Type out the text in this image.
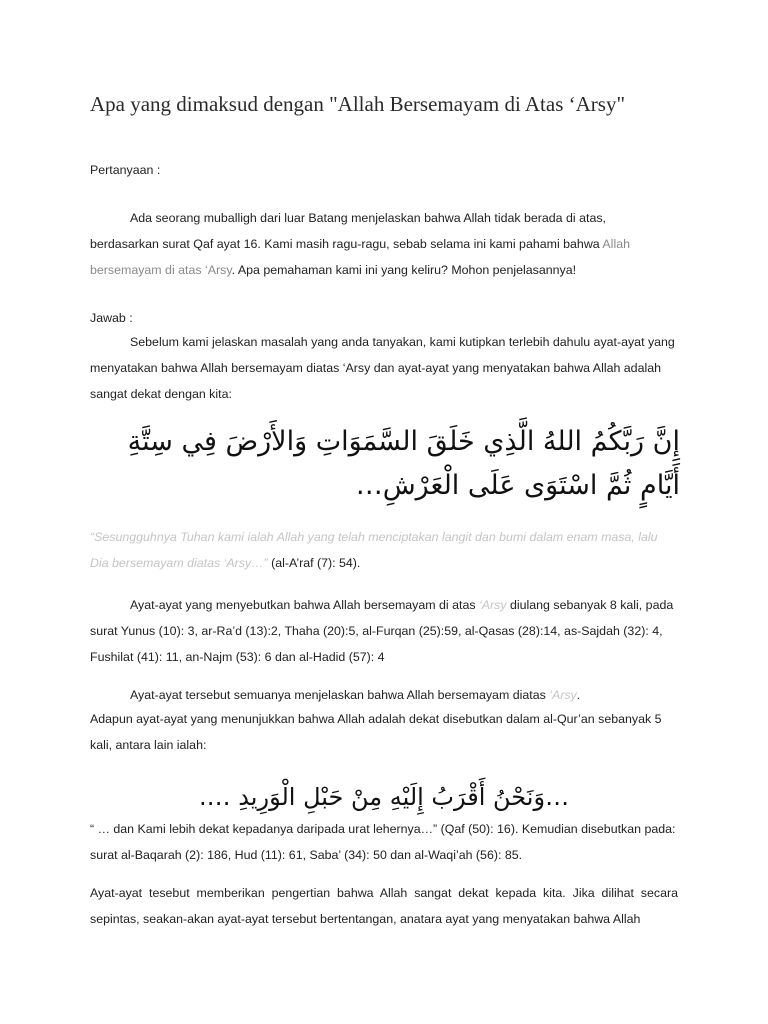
Apa yang dimaksud dengan "Allah Bersemayam di Atas ‘Arsy"

Pertanyaan :

Ada seorang muballigh dari luar Batang menjelaskan bahwa Allah tidak berada di atas, berdasarkan surat Qaf ayat 16. Kami masih ragu-ragu, sebab selama ini kami pahami bahwa Allah bersemayam di atas ‘Arsy. Apa pemahaman kami ini yang keliru? Mohon penjelasannya!

Jawab :

Sebelum kami jelaskan masalah yang anda tanyakan, kami kutipkan terlebih dahulu ayat-ayat yang menyatakan bahwa Allah bersemayam diatas ‘Arsy dan ayat-ayat yang menyatakan bahwa Allah adalah sangat dekat dengan kita:

إِنَّ رَبَّكُمُ اللهُ الَّذِي خَلَقَ السَّمَوَاتِ وَالأَرْضَ فِي سِتَّةِ أَيَّامٍ ثُمَّ اسْتَوَى عَلَى الْعَرْشِ…

“Sesungguhnya Tuhan kami ialah Allah yang telah menciptakan langit dan bumi dalam enam masa, lalu Dia bersemayam diatas ‘Arsy…” (al-A’raf (7): 54).

Ayat-ayat yang menyebutkan bahwa Allah bersemayam di atas ‘Arsy diulang sebanyak 8 kali, pada surat Yunus (10): 3, ar-Ra’d (13):2, Thaha (20):5, al-Furqan (25):59, al-Qasas (28):14, as-Sajdah (32): 4, Fushilat (41): 11, an-Najm (53): 6 dan al-Hadid (57): 4

Ayat-ayat tersebut semuanya menjelaskan bahwa Allah bersemayam diatas ‘Arsy.

Adapun ayat-ayat yang menunjukkan bahwa Allah adalah dekat disebutkan dalam al-Qur’an sebanyak 5 kali, antara lain ialah:

…وَنَحْنُ أَقْرَبُ إِلَيْهِ مِنْ حَبْلِ الْوَرِيدِ ….

“ … dan Kami lebih dekat kepadanya daripada urat lehernya…” (Qaf (50): 16). Kemudian disebutkan pada: surat al-Baqarah (2): 186, Hud (11): 61, Saba’ (34): 50 dan al-Waqi’ah (56): 85.

Ayat-ayat tesebut memberikan pengertian bahwa Allah sangat dekat kepada kita. Jika dilihat secara sepintas, seakan-akan ayat-ayat tersebut bertentangan, anatara ayat yang menyatakan bahwa Allah
